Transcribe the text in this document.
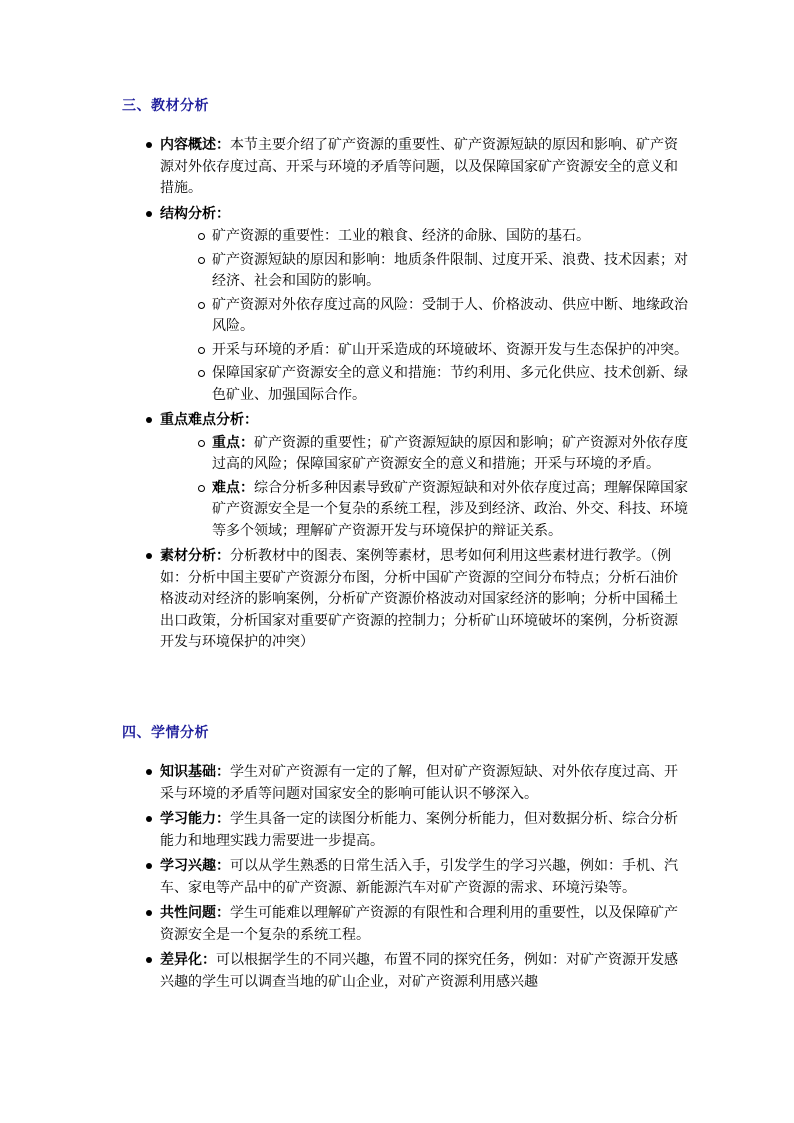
三、教材分析
内容概述：本节主要介绍了矿产资源的重要性、矿产资源短缺的原因和影响、矿产资源对外依存度过高、开采与环境的矛盾等问题，以及保障国家矿产资源安全的意义和措施。
结构分析：
矿产资源的重要性：工业的粮食、经济的命脉、国防的基石。
矿产资源短缺的原因和影响：地质条件限制、过度开采、浪费、技术因素；对经济、社会和国防的影响。
矿产资源对外依存度过高的风险：受制于人、价格波动、供应中断、地缘政治风险。
开采与环境的矛盾：矿山开采造成的环境破坏、资源开发与生态保护的冲突。
保障国家矿产资源安全的意义和措施：节约利用、多元化供应、技术创新、绿色矿业、加强国际合作。
重点难点分析：
重点：矿产资源的重要性；矿产资源短缺的原因和影响；矿产资源对外依存度过高的风险；保障国家矿产资源安全的意义和措施；开采与环境的矛盾。
难点：综合分析多种因素导致矿产资源短缺和对外依存度过高；理解保障国家矿产资源安全是一个复杂的系统工程，涉及到经济、政治、外交、科技、环境等多个领域；理解矿产资源开发与环境保护的辩证关系。
素材分析：分析教材中的图表、案例等素材，思考如何利用这些素材进行教学。（例如：分析中国主要矿产资源分布图，分析中国矿产资源的空间分布特点；分析石油价格波动对经济的影响案例，分析矿产资源价格波动对国家经济的影响；分析中国稀土出口政策，分析国家对重要矿产资源的控制力；分析矿山环境破坏的案例，分析资源开发与环境保护的冲突）
四、学情分析
知识基础：学生对矿产资源有一定的了解，但对矿产资源短缺、对外依存度过高、开采与环境的矛盾等问题对国家安全的影响可能认识不够深入。
学习能力：学生具备一定的读图分析能力、案例分析能力，但对数据分析、综合分析能力和地理实践力需要进一步提高。
学习兴趣：可以从学生熟悉的日常生活入手，引发学生的学习兴趣，例如：手机、汽车、家电等产品中的矿产资源、新能源汽车对矿产资源的需求、环境污染等。
共性问题：学生可能难以理解矿产资源的有限性和合理利用的重要性，以及保障矿产资源安全是一个复杂的系统工程。
差异化：可以根据学生的不同兴趣，布置不同的探究任务，例如：对矿产资源开发感兴趣的学生可以调查当地的矿山企业，对矿产资源利用感兴趣
